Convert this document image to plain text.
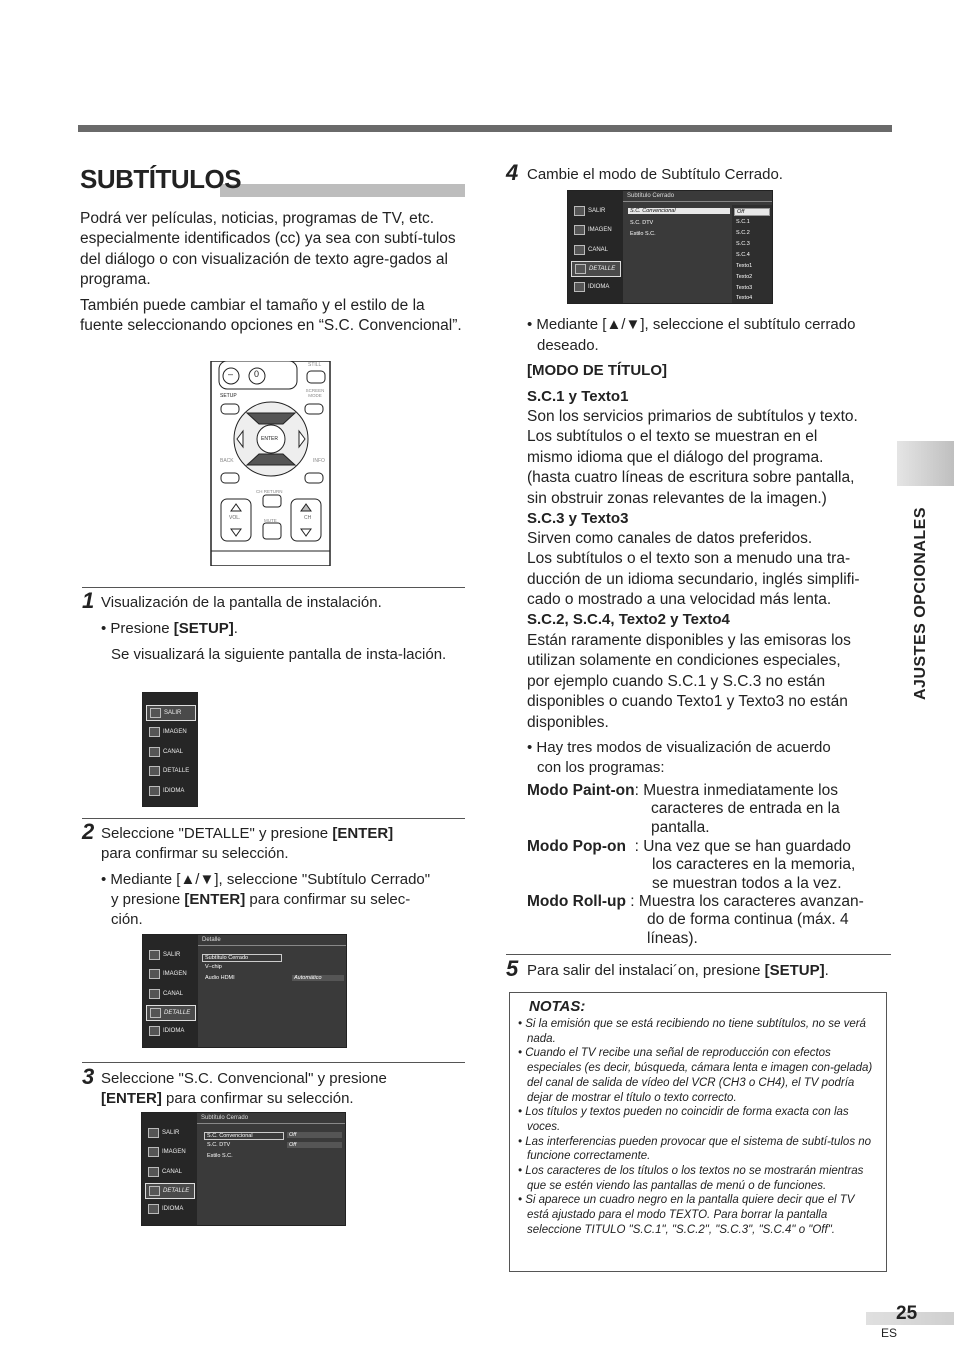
SUBTÍTULOS

Podrá ver películas, noticias, programas de TV, etc. especialmente identificados (cc) ya sea con subtí-tulos del diálogo o con visualización de texto agre-gados al programa.

También puede cambiar el tamaño y el estilo de la fuente seleccionando opciones en “S.C. Convencional”.

– 0
STILL
SETUP
SCREEN MODE
ENTER
BACK	INFO
CH RETURN
VOL.	CH
MUTE
1 Visualización de la pantalla de instalación.
• Presione [SETUP].
Se visualizará la siguiente pantalla de insta-lación.
SALIR
IMAGEN
CANAL
DETALLE
IDIOMA
2 Seleccione "DETALLE" y presione [ENTER]
para confirmar su selección.
• Mediante [▲/▼], seleccione "Subtítulo Cerrado"
y presione [ENTER] para confirmar su selec-
ción.
SALIR
IMAGEN
CANAL
DETALLE
IDIOMA
Detalle
Subtítulo Cerrado
V–chip
Audio HDMI	Automático
3 Seleccione "S.C. Convencional" y presione
[ENTER] para confirmar su selección.
SALIR
IMAGEN
CANAL
DETALLE
IDIOMA
Subtítulo Cerrado
S.C. Convencional
S.C. DTV
Estilo S.C.
Off
Off
4 Cambie el modo de Subtítulo Cerrado.
SALIR
IMAGEN
CANAL
DETALLE
IDIOMA
Subtítulo Cerrado
S.C. Convencional
S.C. DTV
Estilo S.C.
Off
S.C.1
S.C.2
S.C.3
S.C.4
Texto1
Texto2
Texto3
Texto4
• Mediante [▲/▼], seleccione el subtítulo cerrado
deseado.
[MODO DE TÍTULO]
S.C.1 y Texto1
Son los servicios primarios de subtítulos y texto.
Los subtítulos o el texto se muestran en el
mismo idioma que el diálogo del programa.
(hasta cuatro líneas de escritura sobre pantalla,
sin obstruir zonas relevantes de la imagen.)
S.C.3 y Texto3
Sirven como canales de datos preferidos.
Los subtítulos o el texto son a menudo una tra-
ducción de un idioma secundario, inglés simplifi-
cado o mostrado a una velocidad más lenta.
S.C.2, S.C.4, Texto2 y Texto4
Están raramente disponibles y las emisoras los
utilizan solamente en condiciones especiales,
por ejemplo cuando S.C.1 y S.C.3 no están
disponibles o cuando Texto1 y Texto3 no están
disponibles.
• Hay tres modos de visualización de acuerdo
con los programas:
Modo Paint-on: Muestra inmediatamente los
caracteres de entrada en la
pantalla.
Modo Pop-on  : Una vez que se han guardado
los caracteres en la memoria,
se muestran todos a la vez.
Modo Roll-up : Muestra los caracteres avanzan-
do de forma continua (máx. 4
líneas).
5 Para salir del instalaci´on, presione [SETUP].
NOTAS:
• Si la emisión que se está recibiendo no tiene subtítulos, no se verá nada.
• Cuando el TV recibe una señal de reproducción con efectos especiales (es decir, búsqueda, cámara lenta e imagen con-gelada) del canal de salida de vídeo del VCR (CH3 o CH4), el TV podría dejar de mostrar el título o texto correcto.
• Los títulos y textos pueden no coincidir de forma exacta con las voces.
• Las interferencias pueden provocar que el sistema de subtí-tulos no funcione correctamente.
• Los caracteres de los títulos o los textos no se mostrarán mientras que se estén viendo las pantallas de menú o de funciones.
• Si aparece un cuadro negro en la pantalla quiere decir que el TV está ajustado para el modo TEXTO. Para borrar la pantalla seleccione TITULO "S.C.1", "S.C.2", "S.C.3", "S.C.4" o "Off".
AJUSTES OPCIONALES
25
ES
